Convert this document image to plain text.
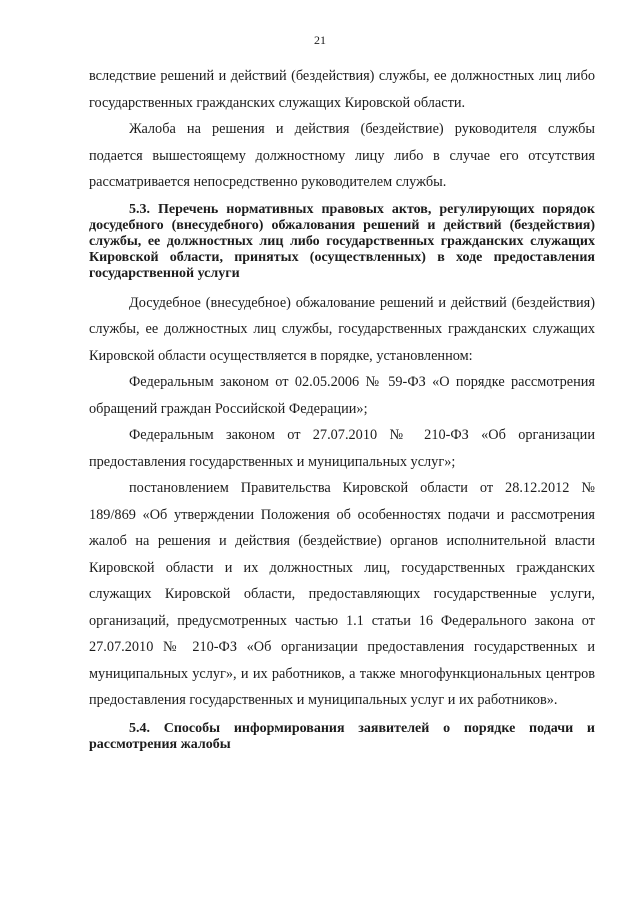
21

вследствие решений и действий (бездействия) службы, ее должностных лиц либо государственных гражданских служащих Кировской области.

Жалоба на решения и действия (бездействие) руководителя службы подается вышестоящему должностному лицу либо в случае его отсутствия рассматривается непосредственно руководителем службы.

5.3. Перечень нормативных правовых актов, регулирующих порядок досудебного (внесудебного) обжалования решений и действий (бездействия) службы, ее должностных лиц либо государственных гражданских служащих Кировской области, принятых (осуществленных) в ходе предоставления государственной услуги

Досудебное (внесудебное) обжалование решений и действий (бездействия) службы, ее должностных лиц службы, государственных гражданских служащих Кировской области осуществляется в порядке, установленном:

Федеральным законом от 02.05.2006 № 59-ФЗ «О порядке рассмотрения обращений граждан Российской Федерации»;

Федеральным законом от 27.07.2010 № 210-ФЗ «Об организации предоставления государственных и муниципальных услуг»;

постановлением Правительства Кировской области от 28.12.2012 № 189/869 «Об утверждении Положения об особенностях подачи и рассмотрения жалоб на решения и действия (бездействие) органов исполнительной власти Кировской области и их должностных лиц, государственных гражданских служащих Кировской области, предоставляющих государственные услуги, организаций, предусмотренных частью 1.1 статьи 16 Федерального закона от 27.07.2010 № 210-ФЗ «Об организации предоставления государственных и муниципальных услуг», и их работников, а также многофункциональных центров предоставления государственных и муниципальных услуг и их работников».

5.4. Способы информирования заявителей о порядке подачи и рассмотрения жалобы
